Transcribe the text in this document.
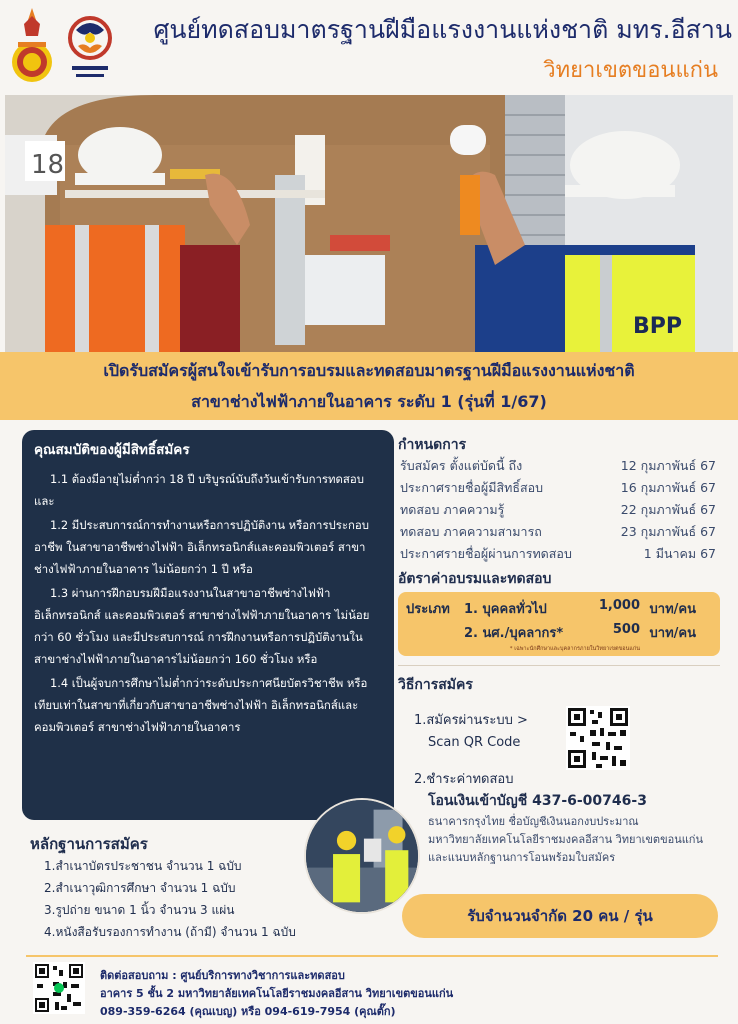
ศูนย์ทดสอบมาตรฐานฝีมือแรงงานแห่งชาติ มทร.อีสาน
วิทยาเขตขอนแก่น
18
BPP
เปิดรับสมัครผู้สนใจเข้ารับการอบรมและทดสอบมาตรฐานฝีมือแรงงานแห่งชาติ
สาขาช่างไฟฟ้าภายในอาคาร ระดับ 1 (รุ่นที่ 1/67)
คุณสมบัติของผู้มีสิทธิ์สมัคร

1.1 ต้องมีอายุไม่ต่ำกว่า 18 ปี บริบูรณ์นับถึงวันเข้ารับการทดสอบ และ

1.2 มีประสบการณ์การทำงานหรือการปฏิบัติงาน หรือการประกอบอาชีพ ในสาขาอาชีพช่างไฟฟ้า อิเล็กทรอนิกส์และคอมพิวเตอร์ สาขาช่างไฟฟ้าภายในอาคาร ไม่น้อยกว่า 1 ปี หรือ

1.3 ผ่านการฝึกอบรมฝีมือแรงงานในสาขาอาชีพช่างไฟฟ้า อิเล็กทรอนิกส์ และคอมพิวเตอร์ สาขาช่างไฟฟ้าภายในอาคาร ไม่น้อยกว่า 60 ชั่วโมง และมีประสบการณ์ การฝึกงานหรือการปฏิบัติงานในสาขาช่างไฟฟ้าภายในอาคารไม่น้อยกว่า 160 ชั่วโมง หรือ

1.4 เป็นผู้จบการศึกษาไม่ต่ำกว่าระดับประกาศนียบัตรวิชาชีพ หรือเทียบเท่าในสาขาที่เกี่ยวกับสาขาอาชีพช่างไฟฟ้า อิเล็กทรอนิกส์และคอมพิวเตอร์ สาขาช่างไฟฟ้าภายในอาคาร

กำหนดการ
รับสมัคร ตั้งแต่บัดนี้ ถึง	12 กุมภาพันธ์ 67
ประกาศรายชื่อผู้มีสิทธิ์สอบ	16 กุมภาพันธ์ 67
ทดสอบ ภาคความรู้	22 กุมภาพันธ์ 67
ทดสอบ ภาคความสามารถ	23 กุมภาพันธ์ 67
ประกาศรายชื่อผู้ผ่านการทดสอบ	1 มีนาคม 67
อัตราค่าอบรมและทดสอบ
ประเภท 1. บุคคลทั่วไป	1,000 บาท/คน
2. นศ./บุคลากร*	500 บาท/คน
* เฉพาะนักศึกษาและบุคลากรภายในวิทยาเขตขอนแก่น
วิธีการสมัคร
1.สมัครผ่านระบบ >
Scan QR Code
2.ชำระค่าทดสอบ
โอนเงินเข้าบัญชี 437-6-00746-3
ธนาคารกรุงไทย ชื่อบัญชีเงินนอกงบประมาณ
มหาวิทยาลัยเทคโนโลยีราชมงคลอีสาน วิทยาเขตขอนแก่น
และแนบหลักฐานการโอนพร้อมใบสมัคร
หลักฐานการสมัคร
1.สำเนาบัตรประชาชน จำนวน 1 ฉบับ
2.สำเนาวุฒิการศึกษา จำนวน 1 ฉบับ
3.รูปถ่าย ขนาด 1 นิ้ว จำนวน 3 แผ่น
4.หนังสือรับรองการทำงาน (ถ้ามี) จำนวน 1 ฉบับ
รับจำนวนจำกัด 20 คน / รุ่น
ติดต่อสอบถาม : ศูนย์บริการทางวิชาการและทดสอบ
อาคาร 5 ชั้น 2 มหาวิทยาลัยเทคโนโลยีราชมงคลอีสาน วิทยาเขตขอนแก่น
089-359-6264 (คุณเบญ) หรือ 094-619-7954 (คุณตั๊ก)
